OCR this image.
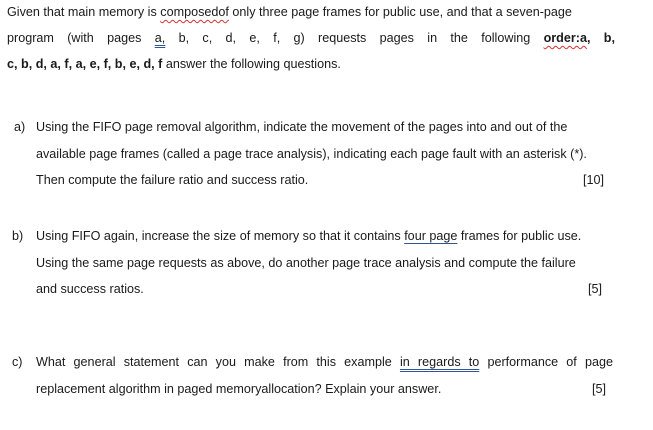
Given that main memory is composedof only three page frames for public use, and that a seven-page
program (with pages a, b, c, d, e, f, g) requests pages in the following order:a, b,
c, b, d, a, f, a, e, f, b, e, d, f answer the following questions.
a) Using the FIFO page removal algorithm, indicate the movement of the pages into and out of the
available page frames (called a page trace analysis), indicating each page fault with an asterisk (*).
Then compute the failure ratio and success ratio.	[10]
b) Using FIFO again, increase the size of memory so that it contains four page frames for public use.
Using the same page requests as above, do another page trace analysis and compute the failure
and success ratios.	[5]
c) What general statement can you make from this example in regards to performance of page
replacement algorithm in paged memoryallocation? Explain your answer.	[5]
